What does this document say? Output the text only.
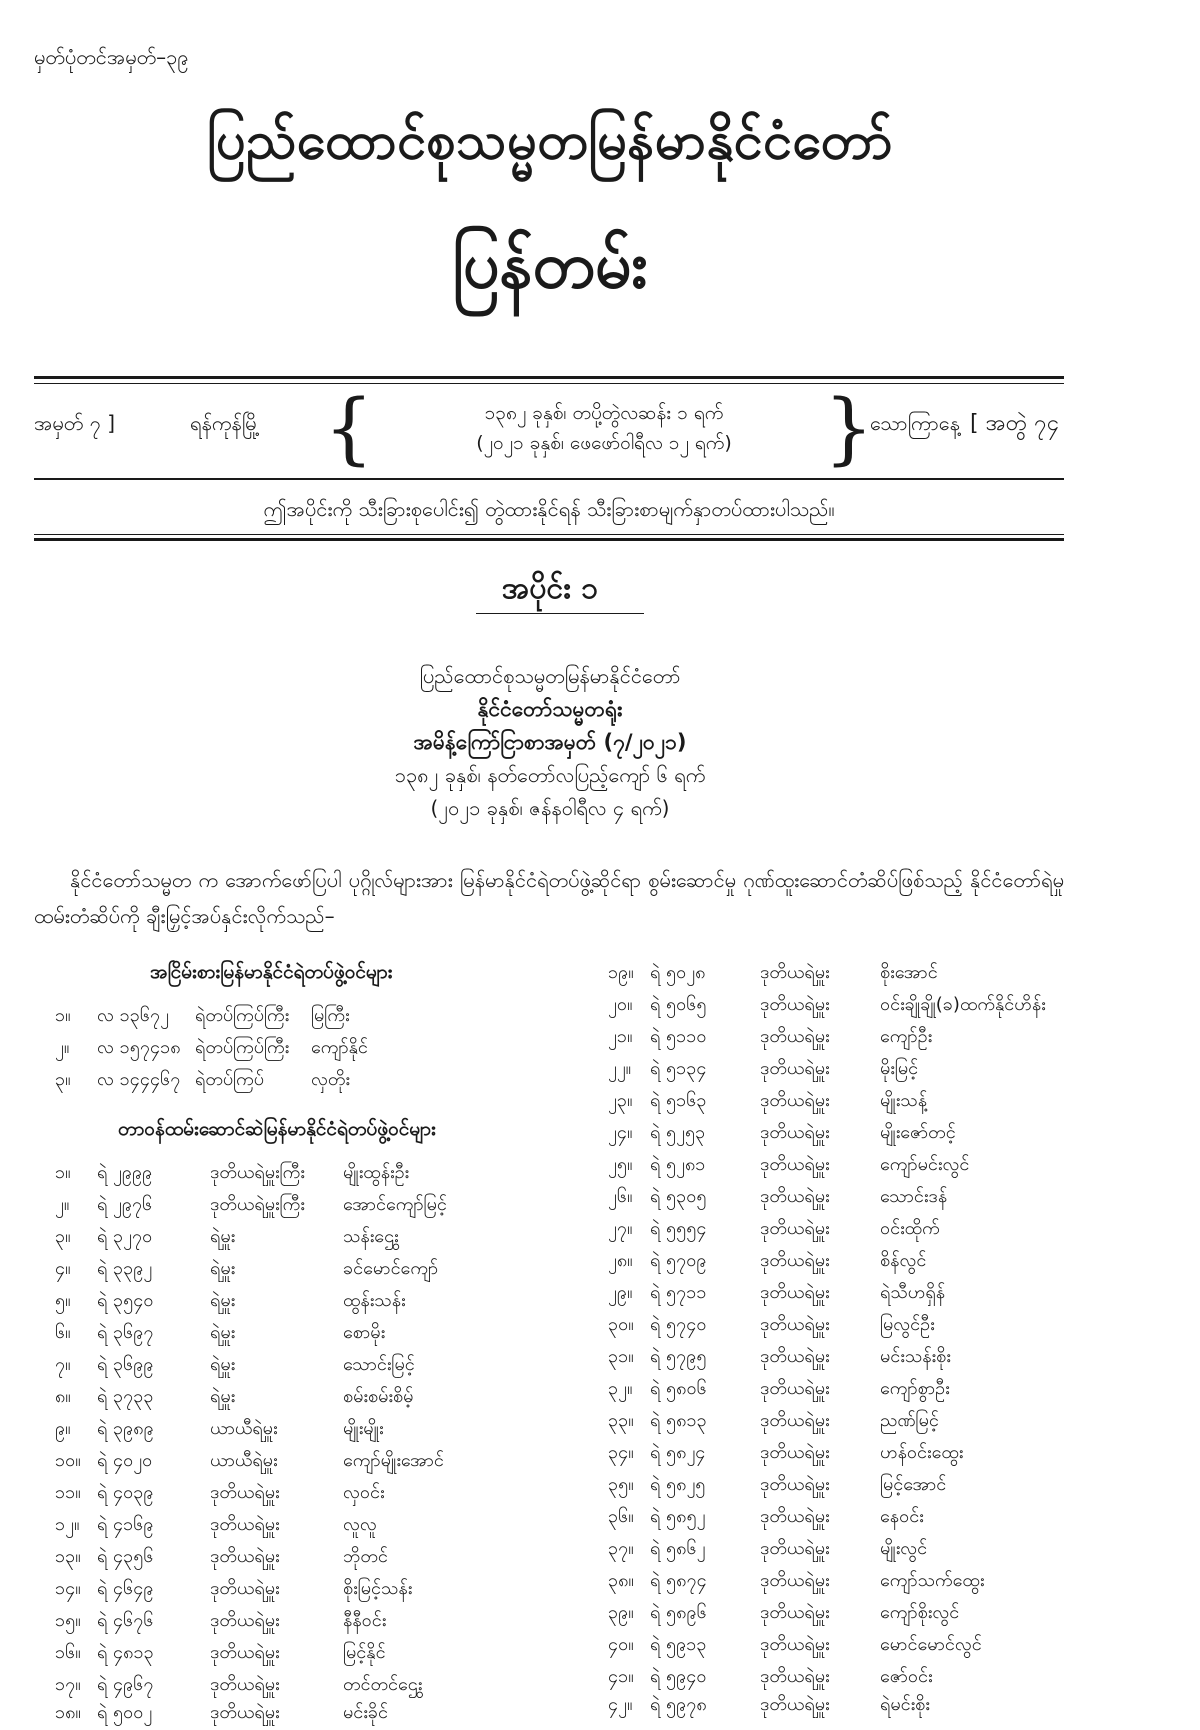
မှတ်ပုံတင်အမှတ်–၃၉
ပြည်ထောင်စုသမ္မတမြန်မာနိုင်ငံတော်
ပြန်တမ်း
အမှတ် ၇ ]	ရန်ကုန်မြို့ {	၁၃၈၂ ခုနှစ်၊ တပို့တွဲလဆန်း ၁ ရက်
(၂၀၂၁ ခုနှစ်၊ ဖေဖော်ဝါရီလ ၁၂ ရက်)	}
သောကြာနေ့ [ အတွဲ ၇၄
ဤအပိုင်းကို သီးခြားစုပေါင်း၍ တွဲထားနိုင်ရန် သီးခြားစာမျက်နှာတပ်ထားပါသည်။
အပိုင်း ၁
ပြည်ထောင်စုသမ္မတမြန်မာနိုင်ငံတော်
နိုင်ငံတော်သမ္မတရုံး
အမိန့်ကြော်ငြာစာအမှတ် (၇/၂၀၂၁)
၁၃၈၂ ခုနှစ်၊ နတ်တော်လပြည့်ကျော် ၆ ရက်
(၂၀၂၁ ခုနှစ်၊ ဇန်နဝါရီလ ၄ ရက်)
နိုင်ငံတော်သမ္မတ က အောက်ဖော်ပြပါ ပုဂ္ဂိုလ်များအား မြန်မာနိုင်ငံရဲတပ်ဖွဲ့ဆိုင်ရာ စွမ်းဆောင်မှု ဂုဏ်ထူးဆောင်တံဆိပ်ဖြစ်သည့် နိုင်ငံတော်ရဲမှုထမ်းတံဆိပ်ကို ချီးမြှင့်အပ်နှင်းလိုက်သည်–
အငြိမ်းစားမြန်မာနိုင်ငံရဲတပ်ဖွဲ့ဝင်များ
၁။ လ ၁၃၆၇၂ ရဲတပ်ကြပ်ကြီး မြကြီး
၂။ လ ၁၅၇၄၁၈ ရဲတပ်ကြပ်ကြီး ကျော်နိုင်
၃။ လ ၁၄၄၄၆၇ ရဲတပ်ကြပ်	လှတိုး
တာဝန်ထမ်းဆောင်ဆဲမြန်မာနိုင်ငံရဲတပ်ဖွဲ့ဝင်များ
၁။ ရဲ ၂၉၉၉	ဒုတိယရဲမှူးကြီး မျိုးထွန်းဦး
၂။ ရဲ ၂၉၇၆	ဒုတိယရဲမှူးကြီး အောင်ကျော်မြင့်
၃။ ရဲ ၃၂၇၀	ရဲမှူး	သန်းဌွေး
၄။ ရဲ ၃၃၉၂	ရဲမှူး	ခင်မောင်ကျော်
၅။ ရဲ ၃၅၄၀	ရဲမှူး	ထွန်းသန်း
၆။ ရဲ ၃၆၉၇	ရဲမှူး	စောမိုး
၇။ ရဲ ၃၆၉၉	ရဲမှူး	သောင်းမြင့်
၈။ ရဲ ၃၇၃၃	ရဲမှူး	စမ်းစမ်းစိမ့်
၉။ ရဲ ၃၉၈၉	ယာယီရဲမှူး	မျိုးမျိုး
၁၀။ ရဲ ၄၀၂၀	ယာယီရဲမှူး	ကျော်မျိုးအောင်
၁၁။ ရဲ ၄၀၃၉	ဒုတိယရဲမှူး	လှဝင်း
၁၂။ ရဲ ၄၁၆၉	ဒုတိယရဲမှူး	လူလူ
၁၃။ ရဲ ၄၃၅၆	ဒုတိယရဲမှူး	ဘိုတင်
၁၄။ ရဲ ၄၆၄၉	ဒုတိယရဲမှူး	စိုးမြင့်သန်း
၁၅။ ရဲ ၄၆၇၆	ဒုတိယရဲမှူး	နီနီဝင်း
၁၆။ ရဲ ၄၈၁၃	ဒုတိယရဲမှူး	မြင့်နိုင်
၁၇။ ရဲ ၄၉၆၇	ဒုတိယရဲမှူး	တင်တင်ဌွေး
၁၈။ ရဲ ၅၀၀၂	ဒုတိယရဲမှူး	မင်းခိုင်
၁၉။ ရဲ ၅၀၂၈	ဒုတိယရဲမှူး	စိုးအောင်
၂၀။ ရဲ ၅၀၆၅	ဒုတိယရဲမှူး	ဝင်းချိုချို(ခ)ထက်နိုင်ဟိန်း
၂၁။ ရဲ ၅၁၁၀	ဒုတိယရဲမှူး	ကျော်ဦး
၂၂။ ရဲ ၅၁၃၄	ဒုတိယရဲမှူး	မိုးမြင့်
၂၃။ ရဲ ၅၁၆၃	ဒုတိယရဲမှူး	မျိုးသန့်
၂၄။ ရဲ ၅၂၅၃	ဒုတိယရဲမှူး	မျိုးဇော်တင့်
၂၅။ ရဲ ၅၂၈၁	ဒုတိယရဲမှူး	ကျော်မင်းလွင်
၂၆။ ရဲ ၅၃၀၅	ဒုတိယရဲမှူး	သောင်းဒန်
၂၇။ ရဲ ၅၅၅၄	ဒုတိယရဲမှူး	ဝင်းထိုက်
၂၈။ ရဲ ၅၇၀၉	ဒုတိယရဲမှူး	စိန်လွင်
၂၉။ ရဲ ၅၇၁၁	ဒုတိယရဲမှူး	ရဲသီဟရှိန်
၃၀။ ရဲ ၅၇၄၀	ဒုတိယရဲမှူး	မြလွင်ဦး
၃၁။ ရဲ ၅၇၉၅	ဒုတိယရဲမှူး	မင်းသန်းစိုး
၃၂။ ရဲ ၅၈၀၆	ဒုတိယရဲမှူး	ကျော်စွာဦး
၃၃။ ရဲ ၅၈၁၃	ဒုတိယရဲမှူး	ညဏ်မြင့်
၃၄။ ရဲ ၅၈၂၄	ဒုတိယရဲမှူး	ဟန်ဝင်းထွေး
၃၅။ ရဲ ၅၈၂၅	ဒုတိယရဲမှူး	မြင့်အောင်
၃၆။ ရဲ ၅၈၅၂	ဒုတိယရဲမှူး	နေဝင်း
၃၇။ ရဲ ၅၈၆၂	ဒုတိယရဲမှူး	မျိုးလွင်
၃၈။ ရဲ ၅၈၇၄	ဒုတိယရဲမှူး	ကျော်သက်ထွေး
၃၉။ ရဲ ၅၈၉၆	ဒုတိယရဲမှူး	ကျော်စိုးလွင်
၄၀။ ရဲ ၅၉၁၃	ဒုတိယရဲမှူး	မောင်မောင်လွင်
၄၁။ ရဲ ၅၉၄၀	ဒုတိယရဲမှူး	ဇော်ဝင်း
၄၂။ ရဲ ၅၉၇၈	ဒုတိယရဲမှူး	ရဲမင်းစိုး
